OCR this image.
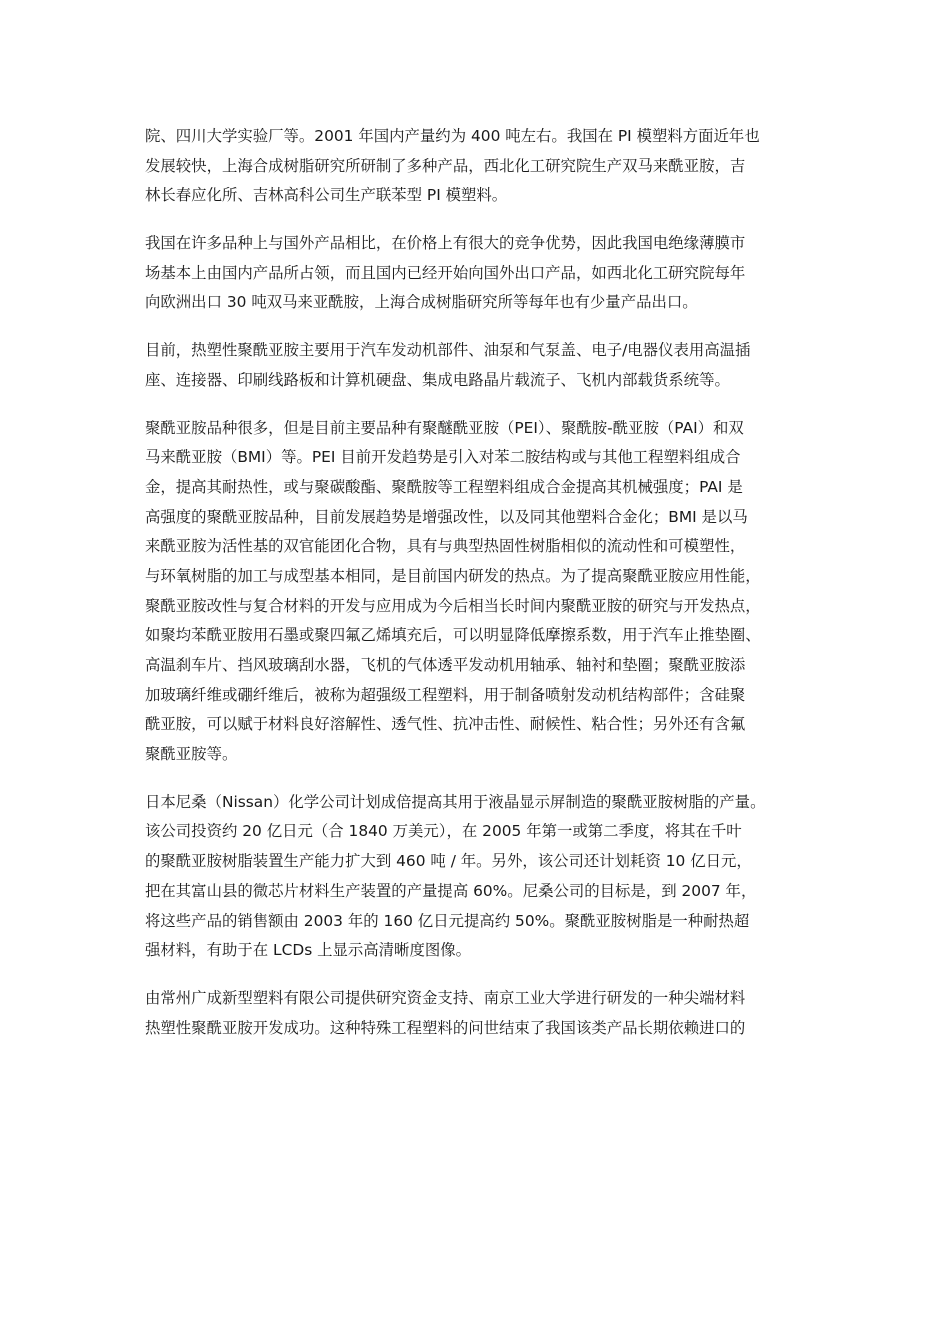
院、四川大学实验厂等。2001 年国内产量约为 400 吨左右。我国在 PI 模塑料方面近年也
发展较快，上海合成树脂研究所研制了多种产品，西北化工研究院生产双马来酰亚胺，吉
林长春应化所、吉林高科公司生产联苯型 PI 模塑料。

我国在许多品种上与国外产品相比，在价格上有很大的竞争优势，因此我国电绝缘薄膜市
场基本上由国内产品所占领，而且国内已经开始向国外出口产品，如西北化工研究院每年
向欧洲出口 30 吨双马来亚酰胺，上海合成树脂研究所等每年也有少量产品出口。

目前，热塑性聚酰亚胺主要用于汽车发动机部件、油泵和气泵盖、电子/电器仪表用高温插
座、连接器、印刷线路板和计算机硬盘、集成电路晶片载流子、飞机内部载货系统等。

聚酰亚胺品种很多，但是目前主要品种有聚醚酰亚胺（PEI）、聚酰胺-酰亚胺（PAI）和双
马来酰亚胺（BMI）等。PEI 目前开发趋势是引入对苯二胺结构或与其他工程塑料组成合
金，提高其耐热性，或与聚碳酸酯、聚酰胺等工程塑料组成合金提高其机械强度；PAI 是
高强度的聚酰亚胺品种，目前发展趋势是增强改性，以及同其他塑料合金化；BMI 是以马
来酰亚胺为活性基的双官能团化合物，具有与典型热固性树脂相似的流动性和可模塑性，
与环氧树脂的加工与成型基本相同，是目前国内研发的热点。为了提高聚酰亚胺应用性能，
聚酰亚胺改性与复合材料的开发与应用成为今后相当长时间内聚酰亚胺的研究与开发热点，
如聚均苯酰亚胺用石墨或聚四氟乙烯填充后，可以明显降低摩擦系数，用于汽车止推垫圈、
高温刹车片、挡风玻璃刮水器，飞机的气体透平发动机用轴承、轴衬和垫圈；聚酰亚胺添
加玻璃纤维或硼纤维后，被称为超强级工程塑料，用于制备喷射发动机结构部件；含硅聚
酰亚胺，可以赋于材料良好溶解性、透气性、抗冲击性、耐候性、粘合性；另外还有含氟
聚酰亚胺等。

日本尼桑（Nissan）化学公司计划成倍提高其用于液晶显示屏制造的聚酰亚胺树脂的产量。
该公司投资约 20 亿日元（合 1840 万美元），在 2005 年第一或第二季度，将其在千叶
的聚酰亚胺树脂装置生产能力扩大到 460 吨 / 年。另外，该公司还计划耗资 10 亿日元，
把在其富山县的微芯片材料生产装置的产量提高 60%。尼桑公司的目标是，到 2007 年，
将这些产品的销售额由 2003 年的 160 亿日元提高约 50%。聚酰亚胺树脂是一种耐热超
强材料，有助于在 LCDs 上显示高清晰度图像。

由常州广成新型塑料有限公司提供研究资金支持、南京工业大学进行研发的一种尖端材料
热塑性聚酰亚胺开发成功。这种特殊工程塑料的问世结束了我国该类产品长期依赖进口的
